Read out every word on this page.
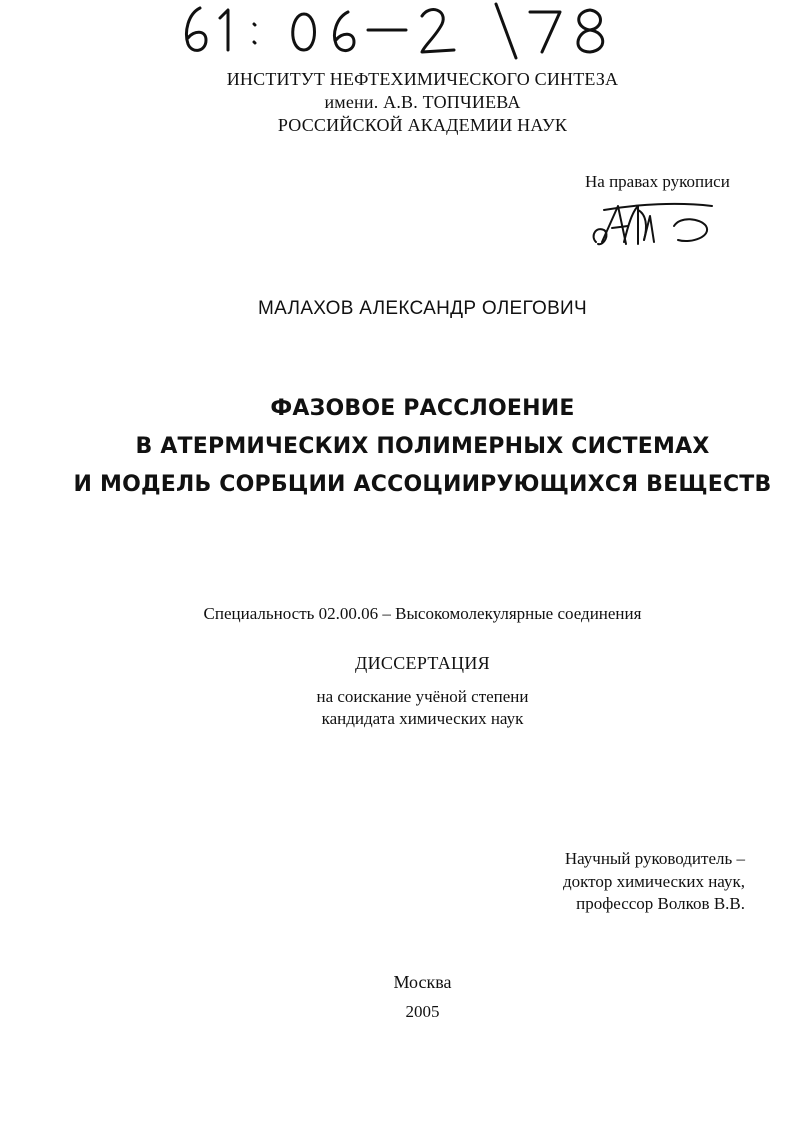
ИНСТИТУТ НЕФТЕХИМИЧЕСКОГО СИНТЕЗА
имени. А.В. ТОПЧИЕВА
РОССИЙСКОЙ АКАДЕМИИ НАУК
На правах рукописи
МАЛАХОВ АЛЕКСАНДР ОЛЕГОВИЧ
ФАЗОВОЕ РАССЛОЕНИЕ
В АТЕРМИЧЕСКИХ ПОЛИМЕРНЫХ СИСТЕМАХ
И МОДЕЛЬ СОРБЦИИ АССОЦИИРУЮЩИХСЯ ВЕЩЕСТВ
Специальность 02.00.06 – Высокомолекулярные соединения
ДИССЕРТАЦИЯ
на соискание учёной степени
кандидата химических наук
Научный руководитель –
доктор химических наук,
профессор Волков В.В.
Москва
2005
